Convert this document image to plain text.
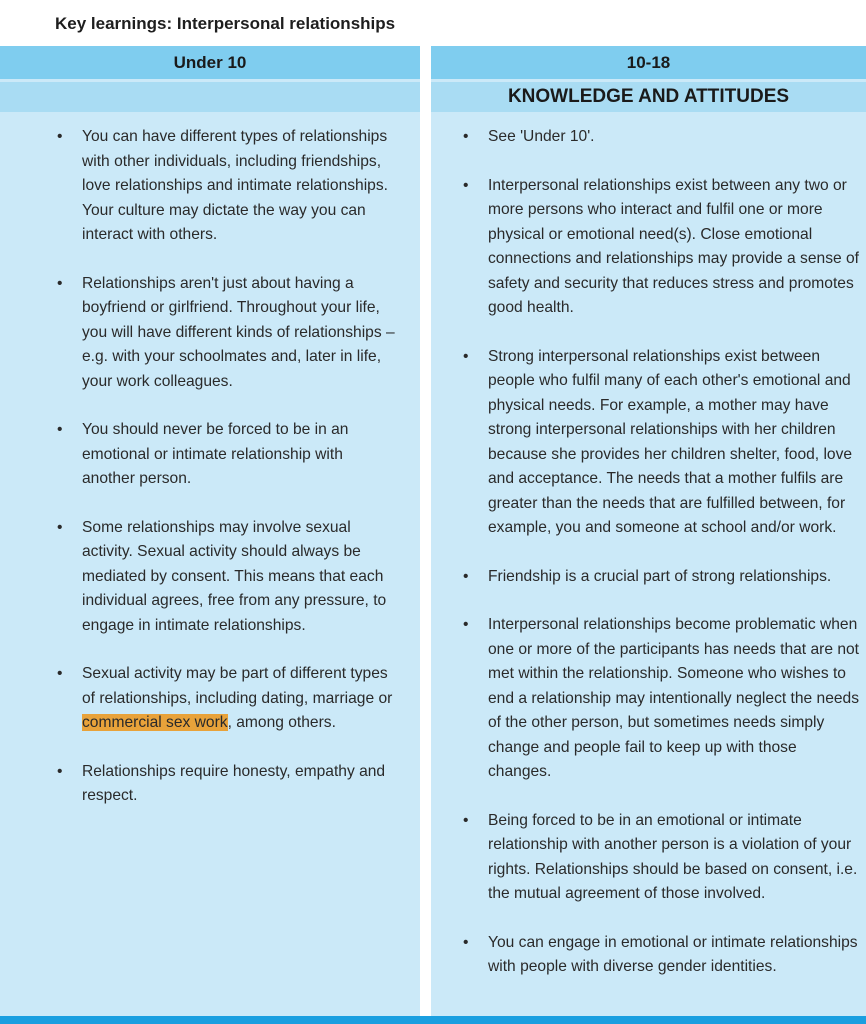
Key learnings: Interpersonal relationships
Under 10	10-18
KNOWLEDGE AND ATTITUDES
• You can have different types of relationships with other individuals, including friendships, love relationships and intimate relationships. Your culture may dictate the way you can interact with others.
• Relationships aren't just about having a boyfriend or girlfriend. Throughout your life, you will have different kinds of relationships – e.g. with your schoolmates and, later in life, your work colleagues.
• You should never be forced to be in an emotional or intimate relationship with another person.
• Some relationships may involve sexual activity. Sexual activity should always be mediated by consent. This means that each individual agrees, free from any pressure, to engage in intimate relationships.
• Sexual activity may be part of different types of relationships, including dating, marriage or commercial sex work, among others.
• Relationships require honesty, empathy and respect.
• See 'Under 10'.
• Interpersonal relationships exist between any two or more persons who interact and fulfil one or more physical or emotional need(s). Close emotional connections and relationships may provide a sense of safety and security that reduces stress and promotes good health.
• Strong interpersonal relationships exist between people who fulfil many of each other's emotional and physical needs. For example, a mother may have strong interpersonal relationships with her children because she provides her children shelter, food, love and acceptance. The needs that a mother fulfils are greater than the needs that are fulfilled between, for example, you and someone at school and/or work.
• Friendship is a crucial part of strong relationships.
• Interpersonal relationships become problematic when one or more of the participants has needs that are not met within the relationship. Someone who wishes to end a relationship may intentionally neglect the needs of the other person, but sometimes needs simply change and people fail to keep up with those changes.
• Being forced to be in an emotional or intimate relationship with another person is a violation of your rights. Relationships should be based on consent, i.e. the mutual agreement of those involved.
• You can engage in emotional or intimate relationships with people with diverse gender identities.
